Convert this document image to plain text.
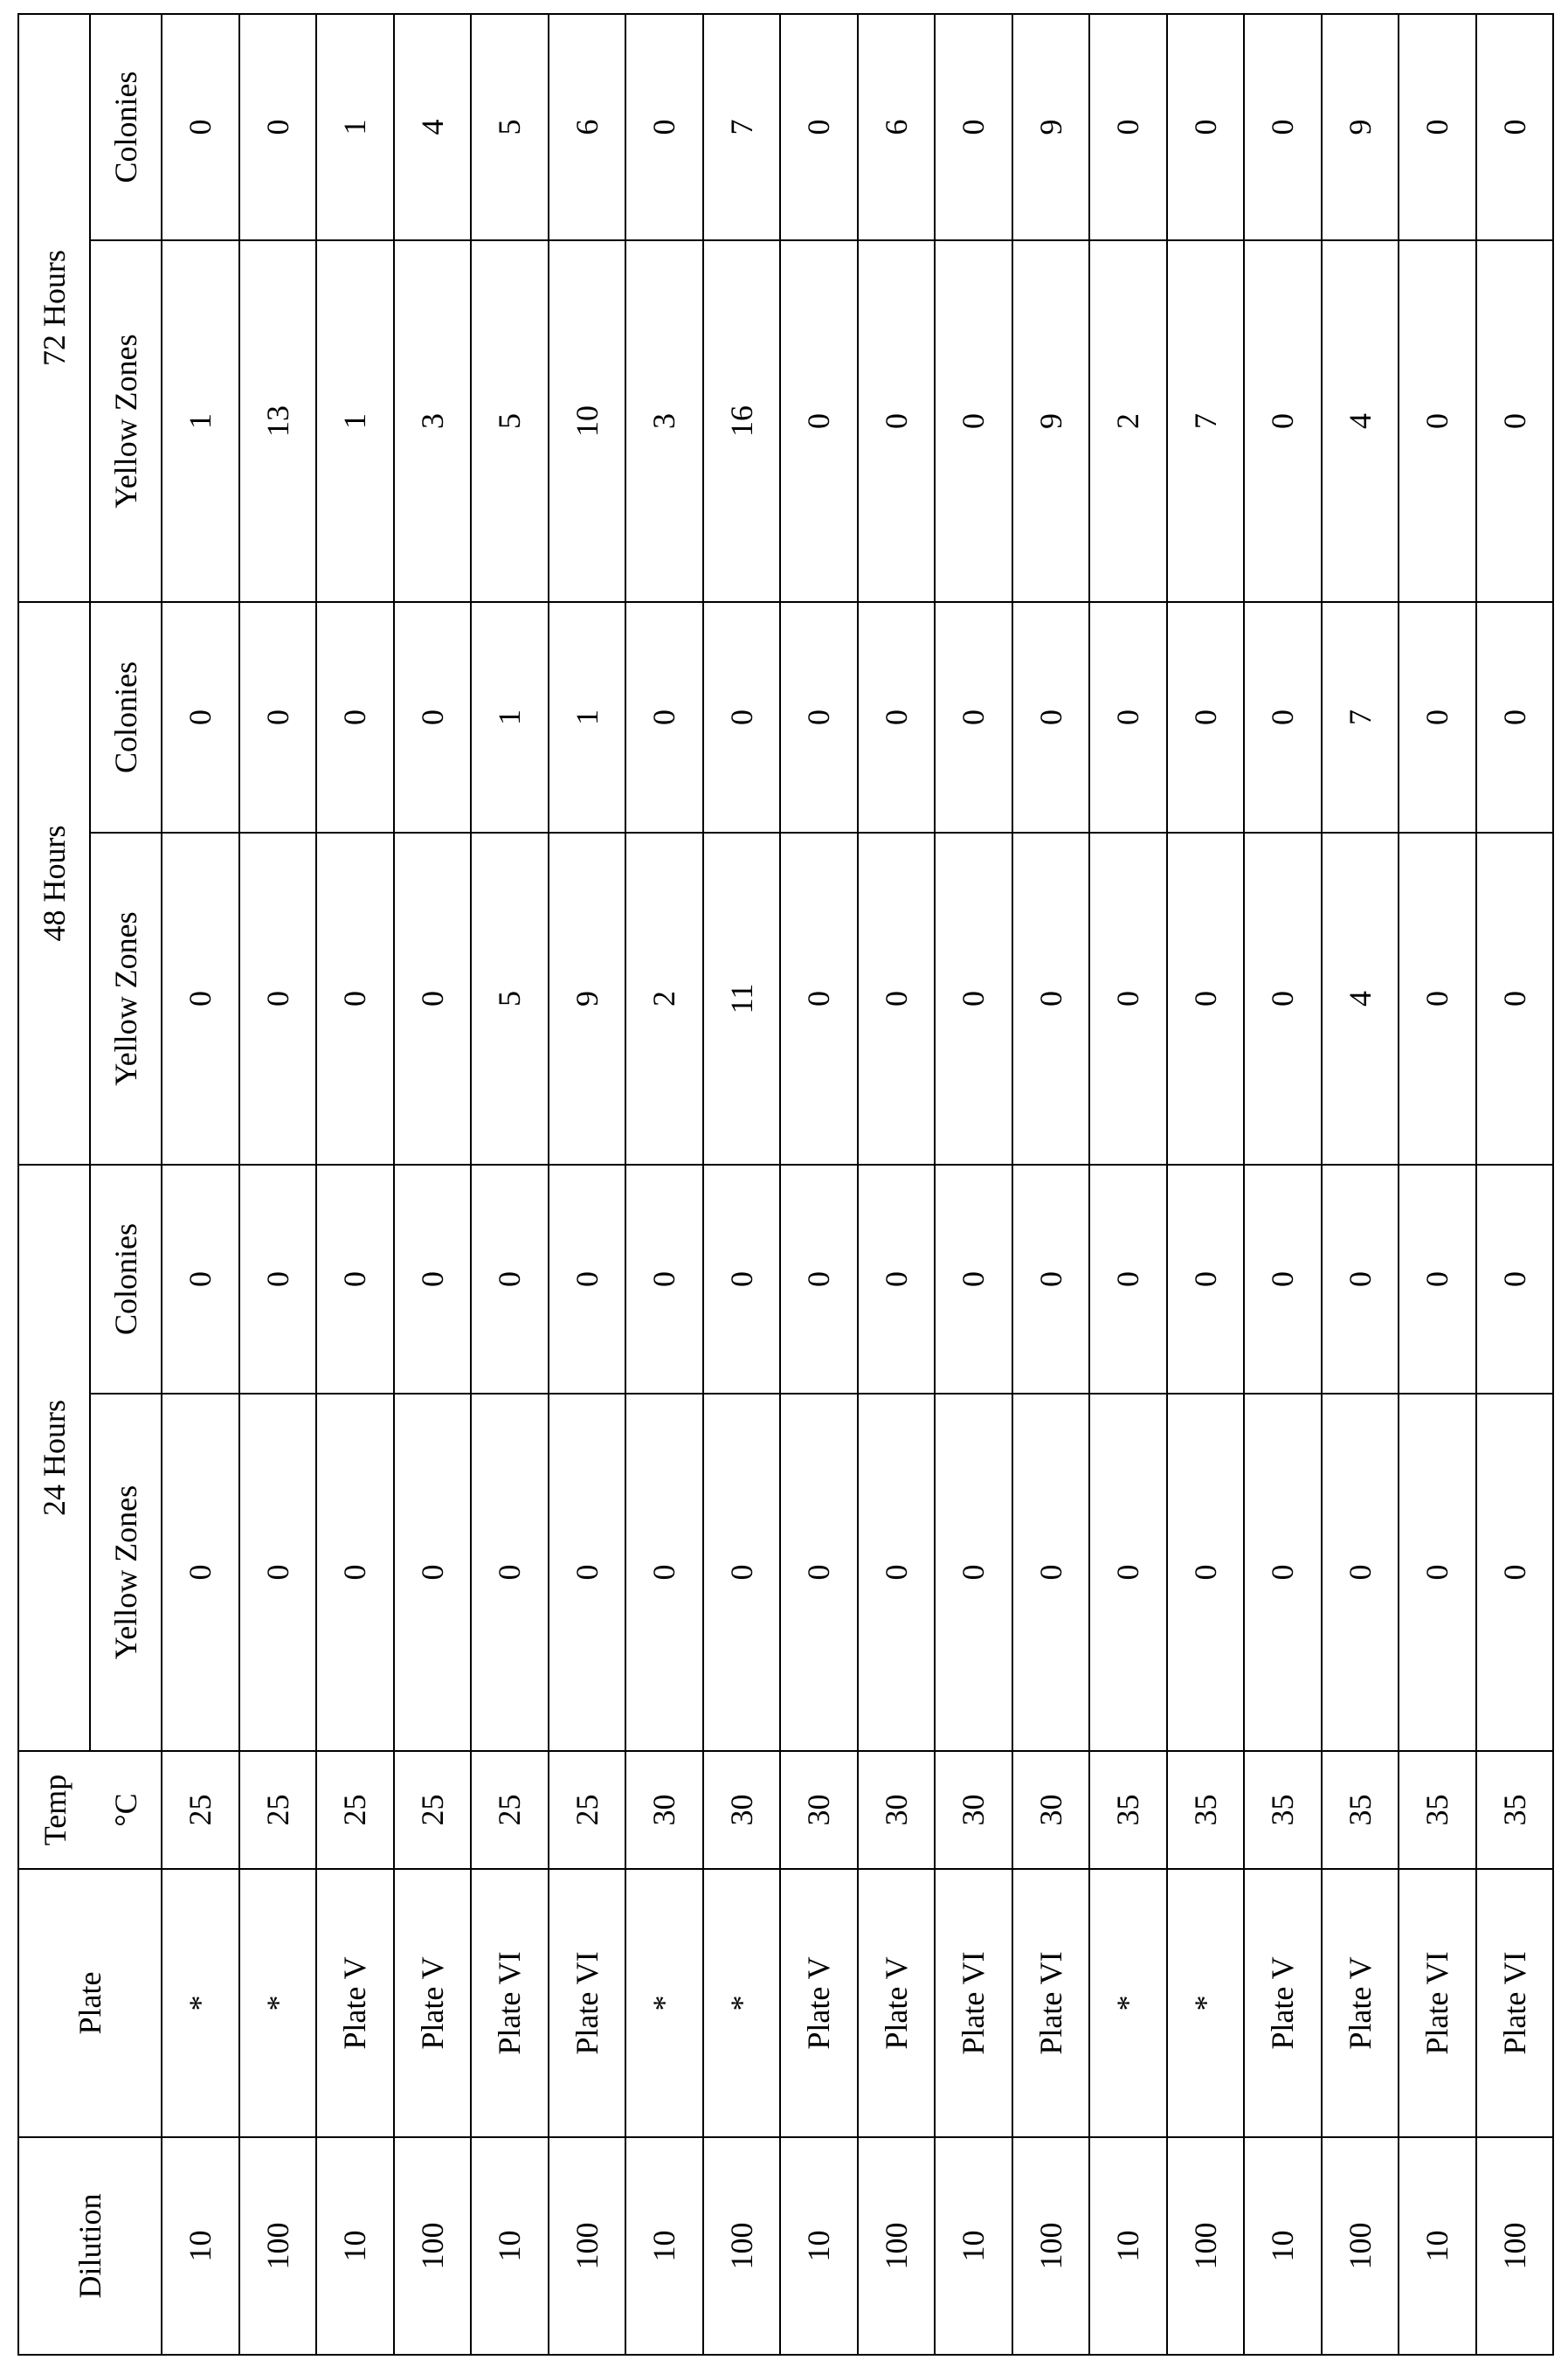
Dilution	Plate	Temp	24 Hours	48 Hours	72 Hours
°C	Yellow Zones	Colonies	Yellow Zones	Colonies	Yellow Zones	Colonies
10	*	25	0	0	0	0	1	0
100	*	25	0	0	0	0	13	0
10	Plate V	25	0	0	0	0	1	1
100	Plate V	25	0	0	0	0	3	4
10	Plate VI	25	0	0	5	1	5	5
100	Plate VI	25	0	0	9	1	10	6
10	*	30	0	0	2	0	3	0
100	*	30	0	0	11	0	16	7
10	Plate V	30	0	0	0	0	0	0
100	Plate V	30	0	0	0	0	0	6
10	Plate VI	30	0	0	0	0	0	0
100	Plate VI	30	0	0	0	0	9	9
10	*	35	0	0	0	0	2	0
100	*	35	0	0	0	0	7	0
10	Plate V	35	0	0	0	0	0	0
100	Plate V	35	0	0	4	7	4	9
10	Plate VI	35	0	0	0	0	0	0
100	Plate VI	35	0	0	0	0	0	0
